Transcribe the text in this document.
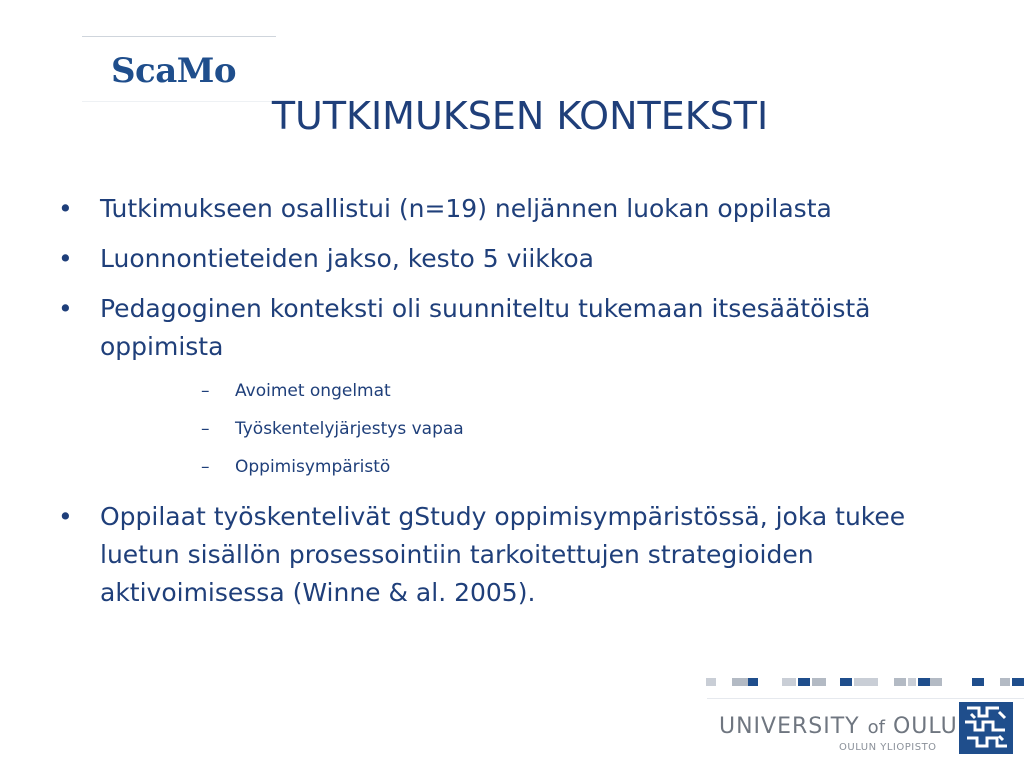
ScaMo
TUTKIMUKSEN KONTEKSTI
• Tutkimukseen osallistui (n=19) neljännen luokan oppilasta
• Luonnontieteiden jakso, kesto 5 viikkoa
• Pedagoginen konteksti oli suunniteltu tukemaan itsesäätöistä oppimista
– Avoimet ongelmat
– Työskentelyjärjestys vapaa
– Oppimisympäristö
• Oppilaat työskentelivät gStudy oppimisympäristössä, joka tukee luetun sisällön prosessointiin tarkoitettujen strategioiden aktivoimisessa (Winne & al. 2005).
UNIVERSITY of OULU
OULUN YLIOPISTO
